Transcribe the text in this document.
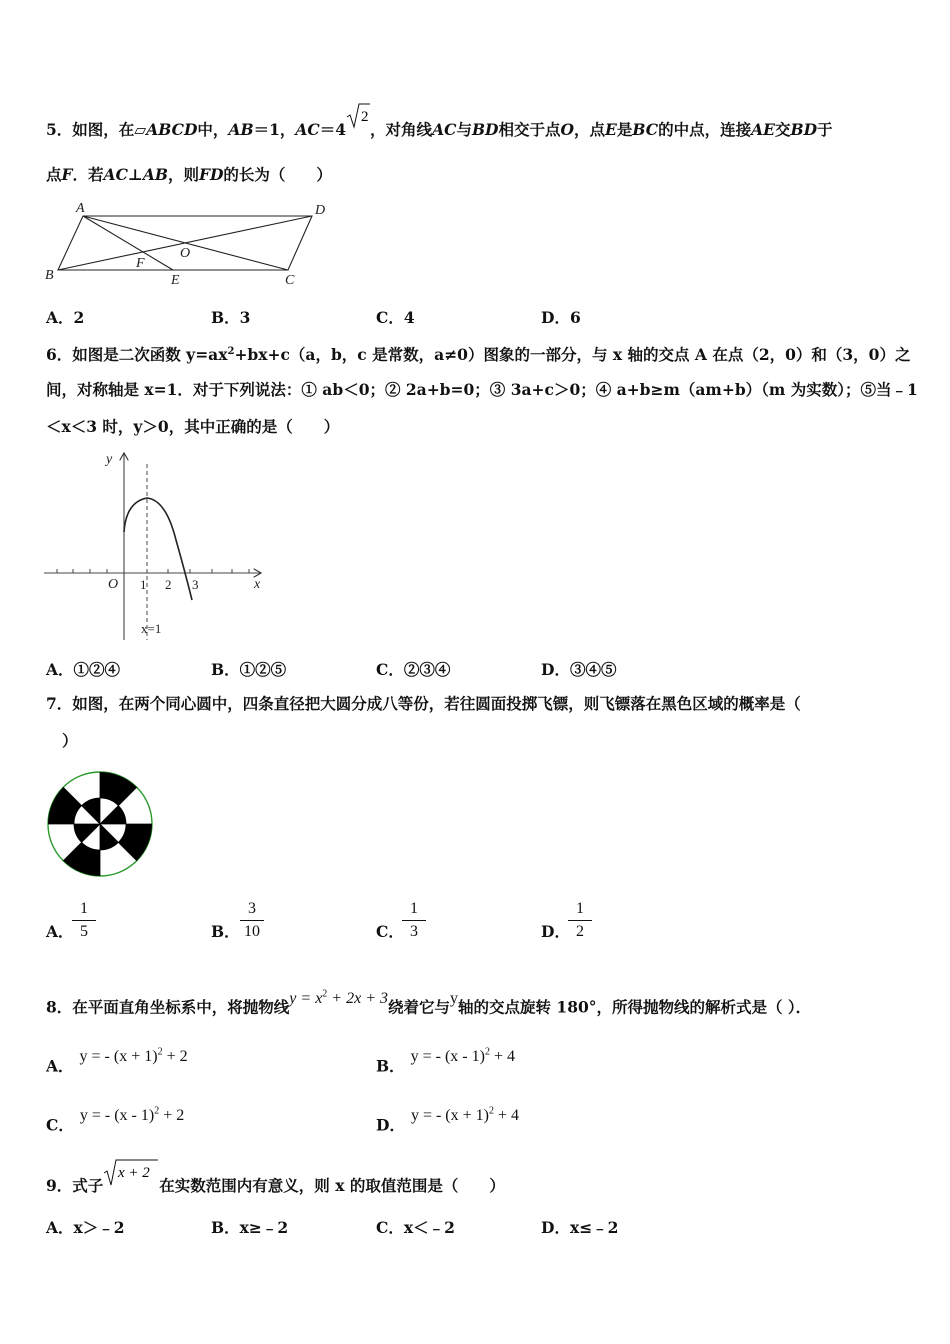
5．如图，在▱ABCD中，AB＝1，AC＝4
2
，对角线AC与BD相交于点O，点E是BC的中点，连接AE交BD于
点F．若AC⊥AB，则FD的长为（　　）
A	D
B	C
O
F
E
A．2	B．3	C．4	D．6
6．如图是二次函数 $y=ax^2+bx+c(a$，b，c 是常数，a≠0）图象的一部分，与 x 轴的交点 A 在点（2，0）和（3，0）之
间，对称轴是 x=1．对于下列说法：① ab＜0；② 2a+b=0；③ 3a+c＞0；④ a+b≥m（am+b）（m 为实数）；⑤当﹣1
＜x＜3 时，y＞0，其中正确的是（　　）
y
x
O 1 2 3
x=1
A．①②④	B．①②⑤	C．②③④	D．③④⑤
7．如图，在两个同心圆中，四条直径把大圆分成八等份，若往圆面投掷飞镖，则飞镖落在黑色区域的概率是（
）
A．
$\frac{1}{5}$	B． $\frac{3}{10}$	C．
$\frac{1}{3}$	D．
$\frac{1}{2}$
8．在平面直角坐标系中，将抛物线$y = x^2 + 2x + 3$绕着它与y轴的交点旋转 180°，所得抛物线的解析式是（ ）．
A． y = - $(x + 1)^2 + 2$	B． y = - (x - 1)$^2$ + 4
C． y = - (x - 1)$^2$ + 2	D． y = - $(x + 1)^2 + 4$
9．式子
x + 2
在实数范围内有意义，则 x 的取值范围是（　　）
A．x＞﹣2	B．x≥﹣2	C．x＜﹣2	D．x≤﹣2
